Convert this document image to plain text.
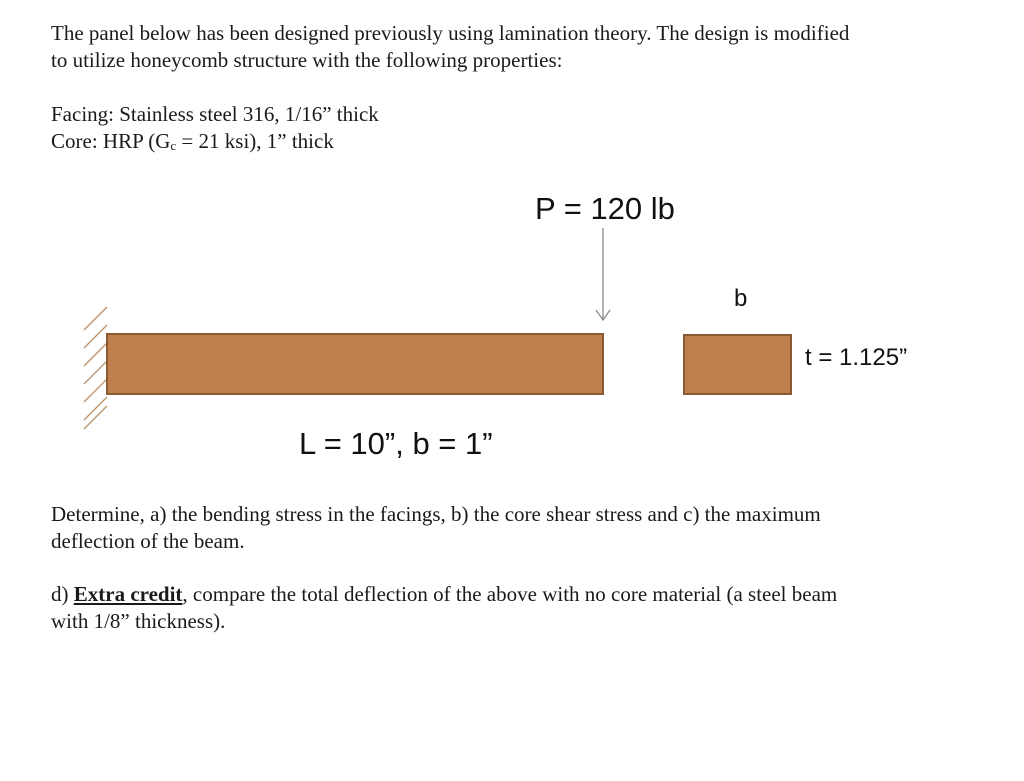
The panel below has been designed previously using lamination theory. The design is modified
to utilize honeycomb structure with the following properties:
Facing: Stainless steel 316, 1/16” thick
Core: HRP ($G_c = 21$ ksi), 1” thick
P = 120 lb
b
t = 1.125”
L = 10”, b = 1”
Determine, a) the bending stress in the facings, b) the core shear stress and c) the maximum
deflection of the beam.
d) Extra credit, compare the total deflection of the above with no core material (a steel beam
with 1/8” thickness).
